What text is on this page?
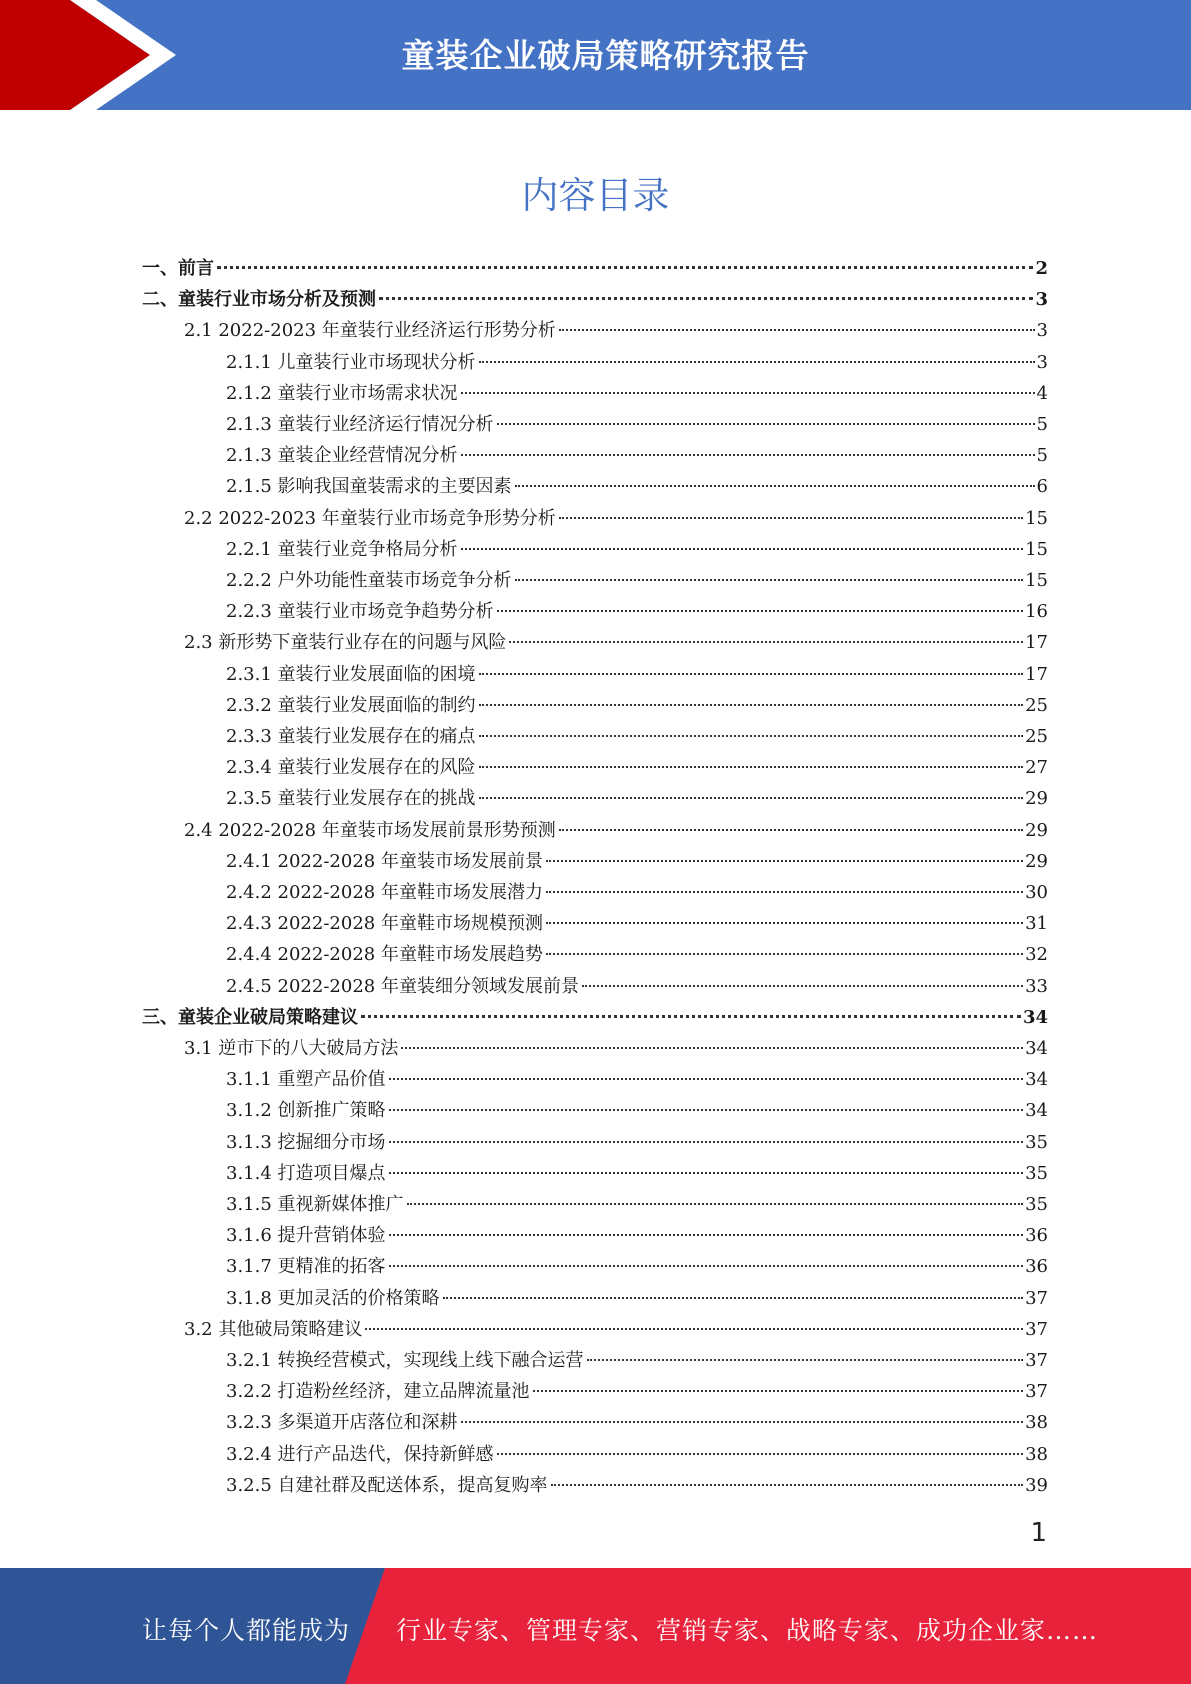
童装企业破局策略研究报告
内容目录
一、前言	2
二、童装行业市场分析及预测	3
2.1 2022-2023 年童装行业经济运行形势分析	3
2.1.1 儿童装行业市场现状分析	3
2.1.2 童装行业市场需求状况	4
2.1.3 童装行业经济运行情况分析	5
2.1.3 童装企业经营情况分析	5
2.1.5 影响我国童装需求的主要因素	6
2.2 2022-2023 年童装行业市场竞争形势分析	15
2.2.1 童装行业竞争格局分析	15
2.2.2 户外功能性童装市场竞争分析	15
2.2.3 童装行业市场竞争趋势分析	16
2.3 新形势下童装行业存在的问题与风险	17
2.3.1 童装行业发展面临的困境	17
2.3.2 童装行业发展面临的制约	25
2.3.3 童装行业发展存在的痛点	25
2.3.4 童装行业发展存在的风险	27
2.3.5 童装行业发展存在的挑战	29
2.4 2022-2028 年童装市场发展前景形势预测	29
2.4.1 2022-2028 年童装市场发展前景	29
2.4.2 2022-2028 年童鞋市场发展潜力	30
2.4.3 2022-2028 年童鞋市场规模预测	31
2.4.4 2022-2028 年童鞋市场发展趋势	32
2.4.5 2022-2028 年童装细分领域发展前景	33
三、童装企业破局策略建议	34
3.1 逆市下的八大破局方法	34
3.1.1 重塑产品价值	34
3.1.2 创新推广策略	34
3.1.3 挖掘细分市场	35
3.1.4 打造项目爆点	35
3.1.5 重视新媒体推广	35
3.1.6 提升营销体验	36
3.1.7 更精准的拓客	36
3.1.8 更加灵活的价格策略	37
3.2 其他破局策略建议	37
3.2.1 转换经营模式，实现线上线下融合运营	37
3.2.2 打造粉丝经济，建立品牌流量池	37
3.2.3 多渠道开店落位和深耕	38
3.2.4 进行产品迭代，保持新鲜感	38
3.2.5 自建社群及配送体系，提高复购率	39
1
让每个人都能成为 行业专家、管理专家、营销专家、战略专家、成功企业家……
